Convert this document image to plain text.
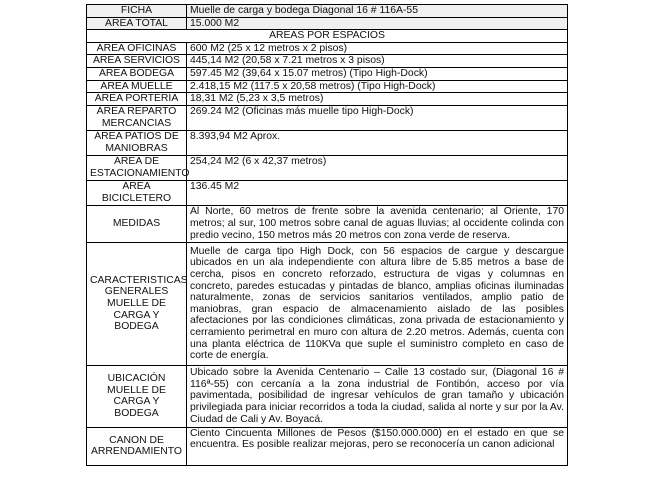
FICHA	Muelle de carga y bodega Diagonal 16 # 116A-55
ÁREA TOTAL	15.000 M2
ÁREAS POR ESPACIOS	
ÁREA OFICINAS	600 M2 (25 x 12 metros x 2 pisos)
ÁREA SERVICIOS	445,14 M2 (20,58 x 7.21 metros x 3 pisos)
ÁREA BODEGA	597.45 M2 (39,64 x 15.07 metros) (Tipo High-Dock)
ÁREA MUELLE	2.418,15 M2 (117.5 x 20,58 metros) (Tipo High-Dock)
ÁREA PORTERÍA	18,31 M2 (5,23 x 3,5 metros)
ÁREA REPARTO MERCANCIAS	269.24 M2 (Oficinas más muelle tipo High-Dock)
ÁREA PATIOS DE MANIOBRAS	8.393,94 M2 Aprox.
ÁREA DE ESTACIONAMIENTO	254,24 M2 (6 x 42,37 metros)
ÁREA BICICLETERO	136.45 M2
MEDIDAS	Al Norte, 60 metros de frente sobre la avenida centenario; al Oriente, 170 metros; al sur, 100 metros sobre canal de aguas lluvias; al occidente colinda con predio vecino, 150 metros más 20 metros con zona verde de reserva.
CARACTERISTICAS GENERALES MUELLE DE CARGA Y BODEGA	Muelle de carga tipo High Dock, con 56 espacios de cargue y descargue ubicados en un ala independiente con altura libre de 5.85 metros a base de cercha, pisos en concreto reforzado, estructura de vigas y columnas en concreto, paredes estucadas y pintadas de blanco, amplias oficinas iluminadas naturalmente, zonas de servicios sanitarios ventilados, amplio patio de maniobras, gran espacio de almacenamiento aislado de las posibles afectaciones por las condiciones climáticas, zona privada de estacionamiento y cerramiento perimetral en muro con altura de 2.20 metros. Además, cuenta con una planta eléctrica de 110KVa que suple el suministro completo en caso de corte de energía.
UBICACIÓN MUELLE DE CARGA Y BODEGA	Ubicado sobre la Avenida Centenario – Calle 13 costado sur, (Diagonal 16 # 116ª-55) con cercanía a la zona industrial de Fontibón, acceso por vía pavimentada, posibilidad de ingresar vehículos de gran tamaño y ubicación privilegiada para iniciar recorridos a toda la ciudad, salida al norte y sur por la Av. Ciudad de Cali y Av. Boyacá.
CANON DE ARRENDAMIENTO	Ciento Cincuenta Millones de Pesos ($150.000.000) en el estado en que se encuentra. Es posible realizar mejoras, pero se reconocería un canon adicional
